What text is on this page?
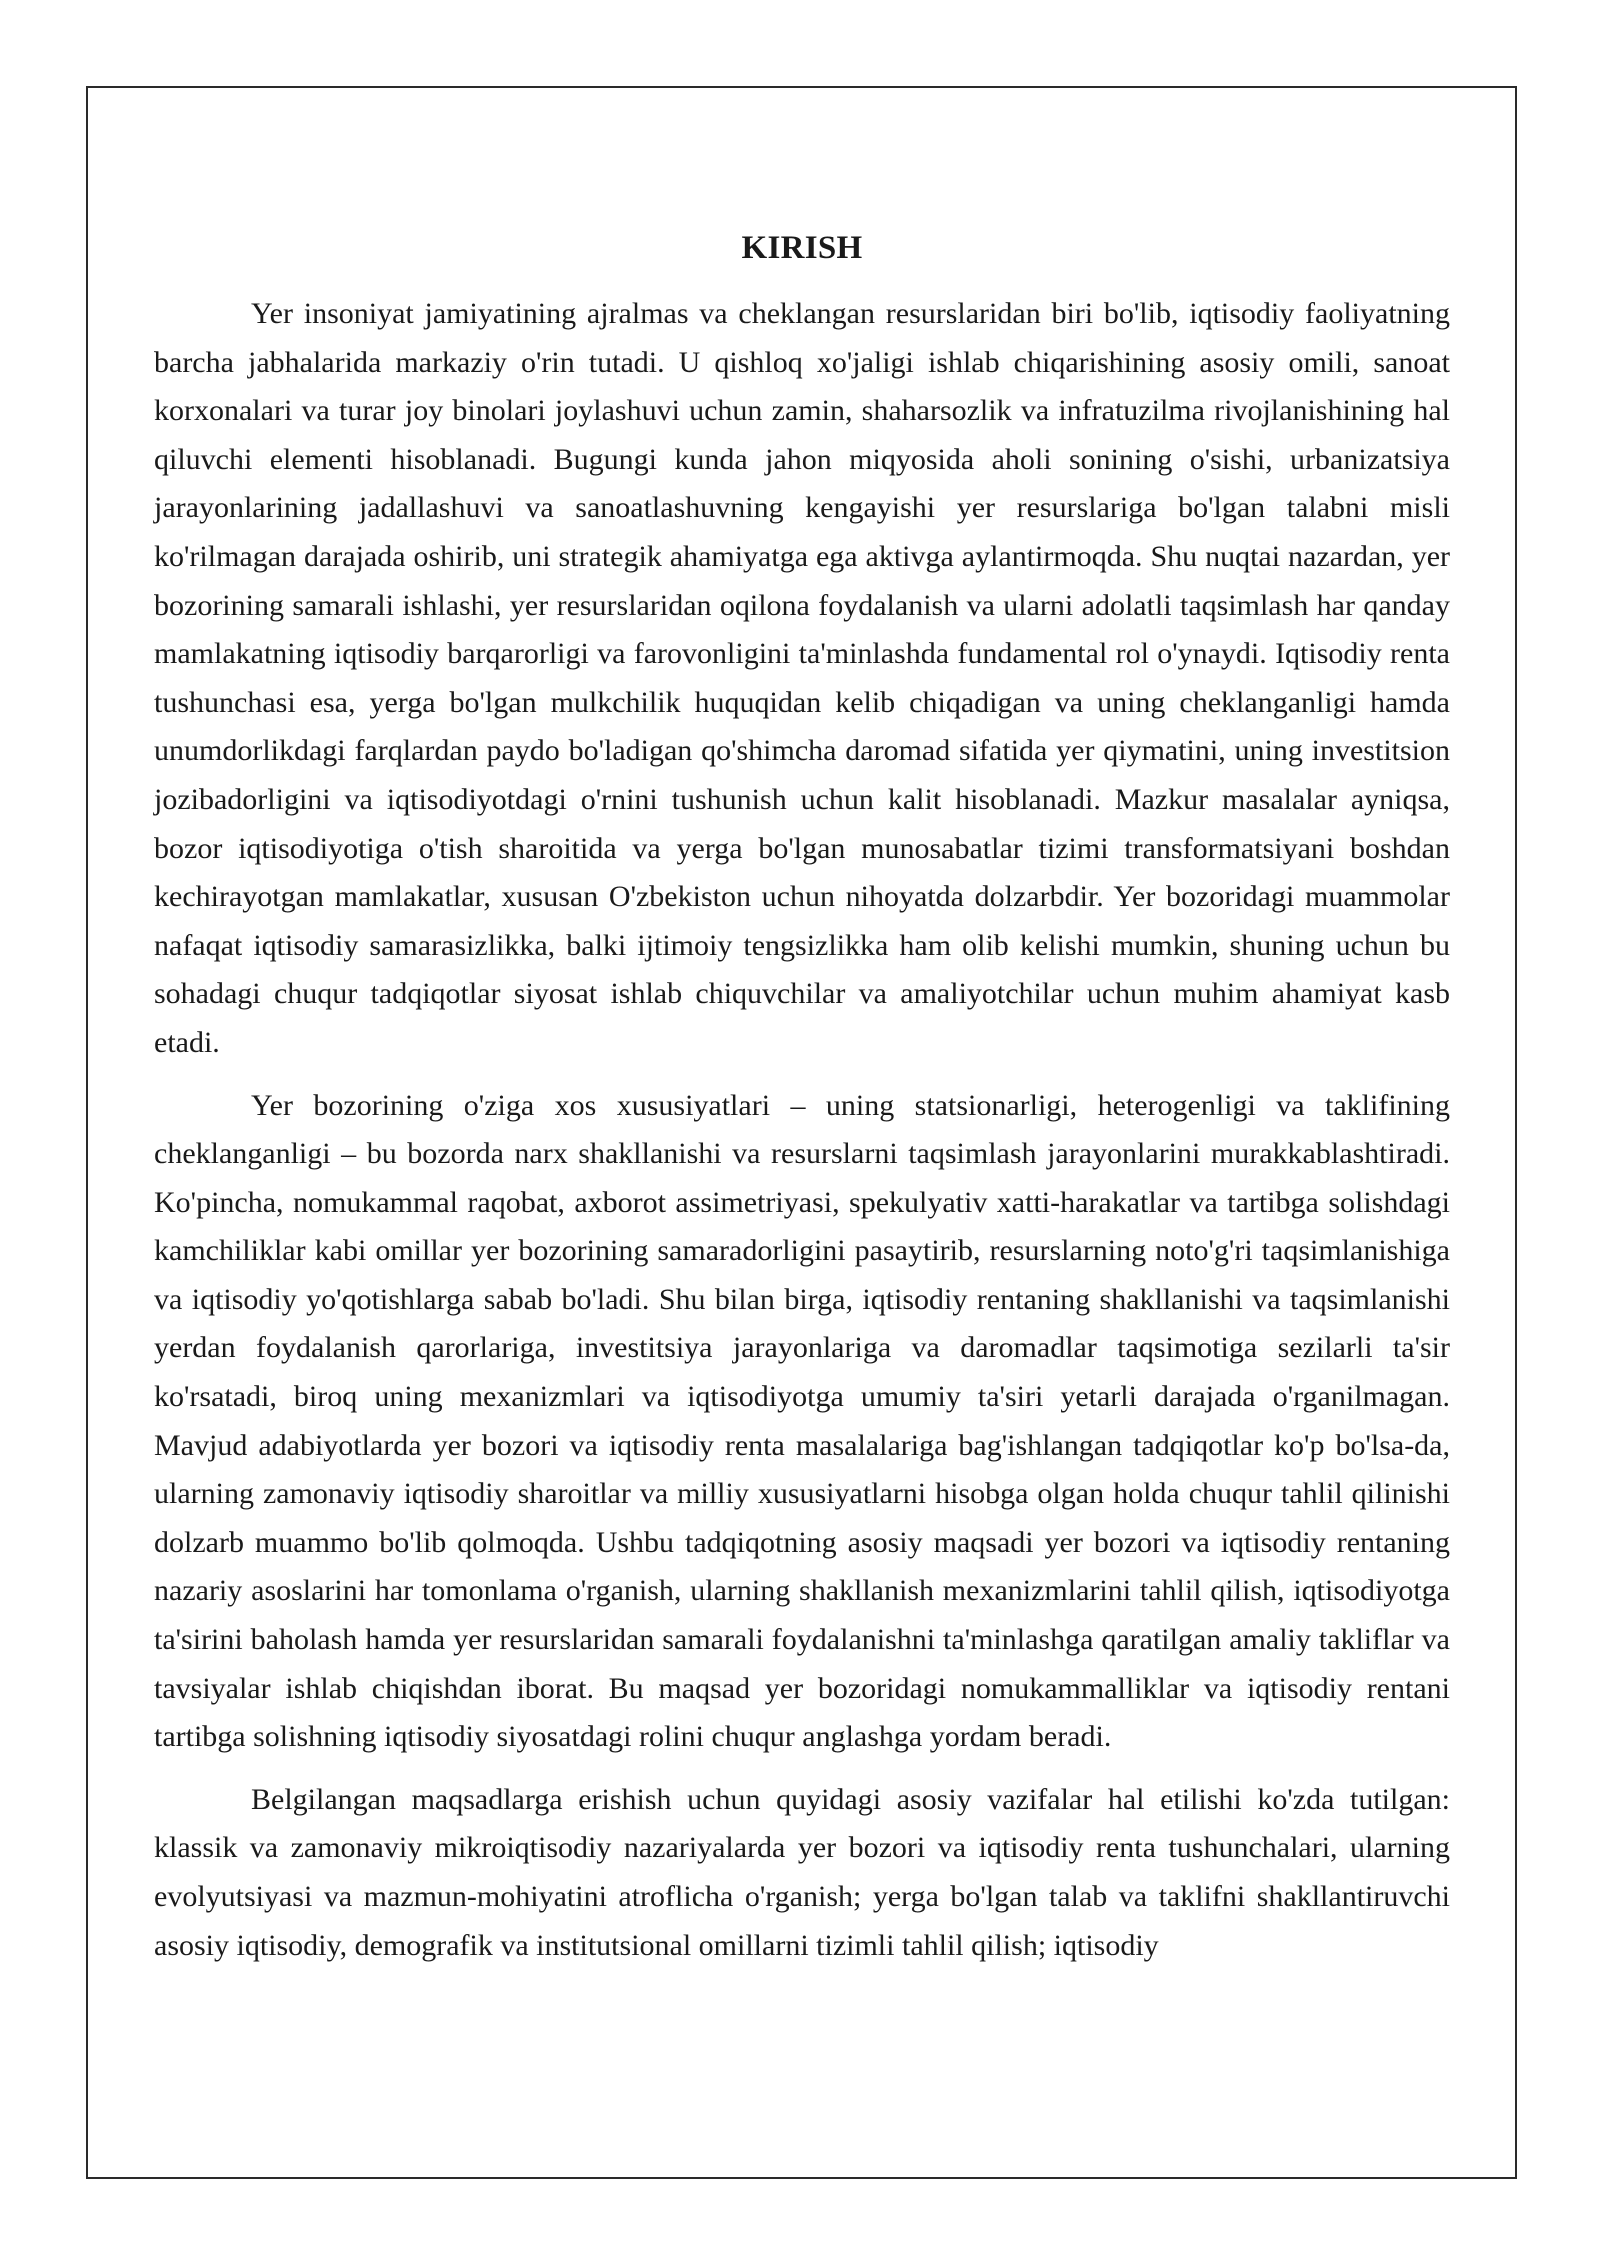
KIRISH

Yer insoniyat jamiyatining ajralmas va cheklangan resurslaridan biri bo'lib, iqtisodiy faoliyatning barcha jabhalarida markaziy o'rin tutadi. U qishloq xo'jaligi ishlab chiqarishining asosiy omili, sanoat korxonalari va turar joy binolari joylashuvi uchun zamin, shaharsozlik va infratuzilma rivojlanishining hal qiluvchi elementi hisoblanadi. Bugungi kunda jahon miqyosida aholi sonining o'sishi, urbanizatsiya jarayonlarining jadallashuvi va sanoatlashuvning kengayishi yer resurslariga bo'lgan talabni misli ko'rilmagan darajada oshirib, uni strategik ahamiyatga ega aktivga aylantirmoqda. Shu nuqtai nazardan, yer bozorining samarali ishlashi, yer resurslaridan oqilona foydalanish va ularni adolatli taqsimlash har qanday mamlakatning iqtisodiy barqarorligi va farovonligini ta'minlashda fundamental rol o'ynaydi. Iqtisodiy renta tushunchasi esa, yerga bo'lgan mulkchilik huquqidan kelib chiqadigan va uning cheklanganligi hamda unumdorlikdagi farqlardan paydo bo'ladigan qo'shimcha daromad sifatida yer qiymatini, uning investitsion jozibadorligini va iqtisodiyotdagi o'rnini tushunish uchun kalit hisoblanadi. Mazkur masalalar ayniqsa, bozor iqtisodiyotiga o'tish sharoitida va yerga bo'lgan munosabatlar tizimi transformatsiyani boshdan kechirayotgan mamlakatlar, xususan O'zbekiston uchun nihoyatda dolzarbdir. Yer bozoridagi muammolar nafaqat iqtisodiy samarasizlikka, balki ijtimoiy tengsizlikka ham olib kelishi mumkin, shuning uchun bu sohadagi chuqur tadqiqotlar siyosat ishlab chiquvchilar va amaliyotchilar uchun muhim ahamiyat kasb etadi.

Yer bozorining o'ziga xos xususiyatlari – uning statsionarligi, heterogenligi va taklifining cheklanganligi – bu bozorda narx shakllanishi va resurslarni taqsimlash jarayonlarini murakkablashtiradi. Ko'pincha, nomukammal raqobat, axborot assimetriyasi, spekulyativ xatti-harakatlar va tartibga solishdagi kamchiliklar kabi omillar yer bozorining samaradorligini pasaytirib, resurslarning noto'g'ri taqsimlanishiga va iqtisodiy yo'qotishlarga sabab bo'ladi. Shu bilan birga, iqtisodiy rentaning shakllanishi va taqsimlanishi yerdan foydalanish qarorlariga, investitsiya jarayonlariga va daromadlar taqsimotiga sezilarli ta'sir ko'rsatadi, biroq uning mexanizmlari va iqtisodiyotga umumiy ta'siri yetarli darajada o'rganilmagan. Mavjud adabiyotlarda yer bozori va iqtisodiy renta masalalariga bag'ishlangan tadqiqotlar ko'p bo'lsa-da, ularning zamonaviy iqtisodiy sharoitlar va milliy xususiyatlarni hisobga olgan holda chuqur tahlil qilinishi dolzarb muammo bo'lib qolmoqda. Ushbu tadqiqotning asosiy maqsadi yer bozori va iqtisodiy rentaning nazariy asoslarini har tomonlama o'rganish, ularning shakllanish mexanizmlarini tahlil qilish, iqtisodiyotga ta'sirini baholash hamda yer resurslaridan samarali foydalanishni ta'minlashga qaratilgan amaliy takliflar va tavsiyalar ishlab chiqishdan iborat. Bu maqsad yer bozoridagi nomukammalliklar va iqtisodiy rentani tartibga solishning iqtisodiy siyosatdagi rolini chuqur anglashga yordam beradi.

Belgilangan maqsadlarga erishish uchun quyidagi asosiy vazifalar hal etilishi ko'zda tutilgan: klassik va zamonaviy mikroiqtisodiy nazariyalarda yer bozori va iqtisodiy renta tushunchalari, ularning evolyutsiyasi va mazmun-mohiyatini atroflicha o'rganish; yerga bo'lgan talab va taklifni shakllantiruvchi asosiy iqtisodiy, demografik va institutsional omillarni tizimli tahlil qilish; iqtisodiy
